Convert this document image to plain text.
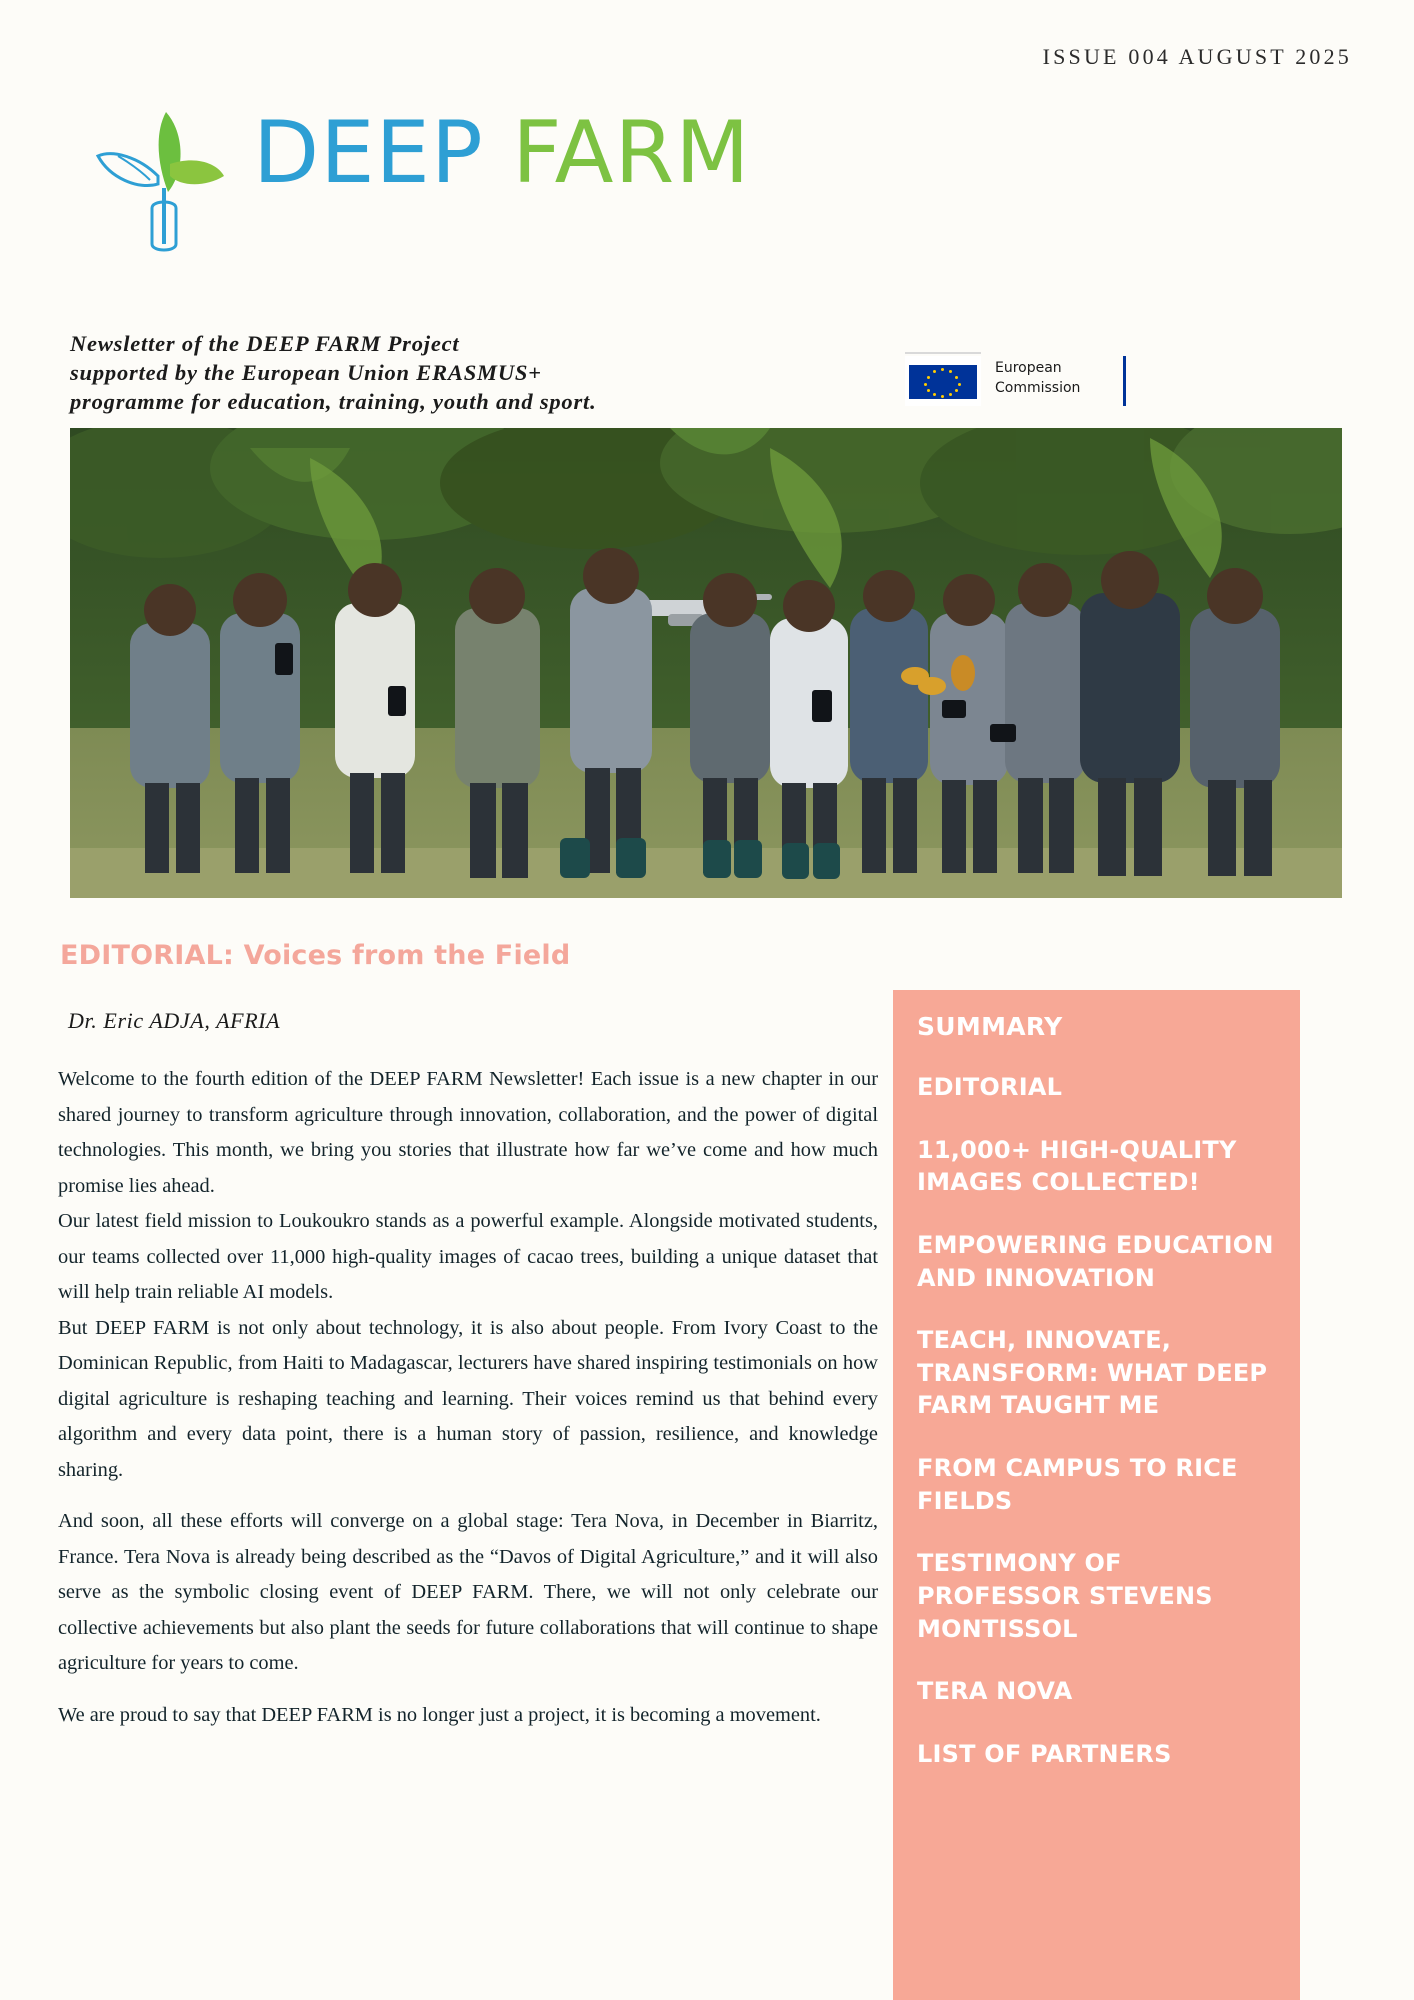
ISSUE 004 AUGUST 2025
DEEP FARM
Newsletter of the DEEP FARM Project
supported by the European Union ERASMUS+
programme for education, training, youth and sport.
European
Commission
EDITORIAL: Voices from the Field
Dr. Eric ADJA, AFRIA

Welcome to the fourth edition of the DEEP FARM Newsletter! Each issue is a new chapter in our shared journey to transform agriculture through innovation, collaboration, and the power of digital technologies. This month, we bring you stories that illustrate how far we’ve come and how much promise lies ahead.

Our latest field mission to Loukoukro stands as a powerful example. Alongside motivated students, our teams collected over 11,000 high-quality images of cacao trees, building a unique dataset that will help train reliable AI models.

But DEEP FARM is not only about technology, it is also about people. From Ivory Coast to the Dominican Republic, from Haiti to Madagascar, lecturers have shared inspiring testimonials on how digital agriculture is reshaping teaching and learning. Their voices remind us that behind every algorithm and every data point, there is a human story of passion, resilience, and knowledge sharing.

And soon, all these efforts will converge on a global stage: Tera Nova, in December in Biarritz, France. Tera Nova is already being described as the “Davos of Digital Agriculture,” and it will also serve as the symbolic closing event of DEEP FARM. There, we will not only celebrate our collective achievements but also plant the seeds for future collaborations that will continue to shape agriculture for years to come.

We are proud to say that DEEP FARM is no longer just a project, it is becoming a movement.

SUMMARY
EDITORIAL
11,000+ HIGH-QUALITY IMAGES COLLECTED!
EMPOWERING EDUCATION AND INNOVATION
TEACH, INNOVATE, TRANSFORM: WHAT DEEP FARM TAUGHT ME
FROM CAMPUS TO RICE FIELDS
TESTIMONY OF PROFESSOR STEVENS MONTISSOL
TERA NOVA
LIST OF PARTNERS
